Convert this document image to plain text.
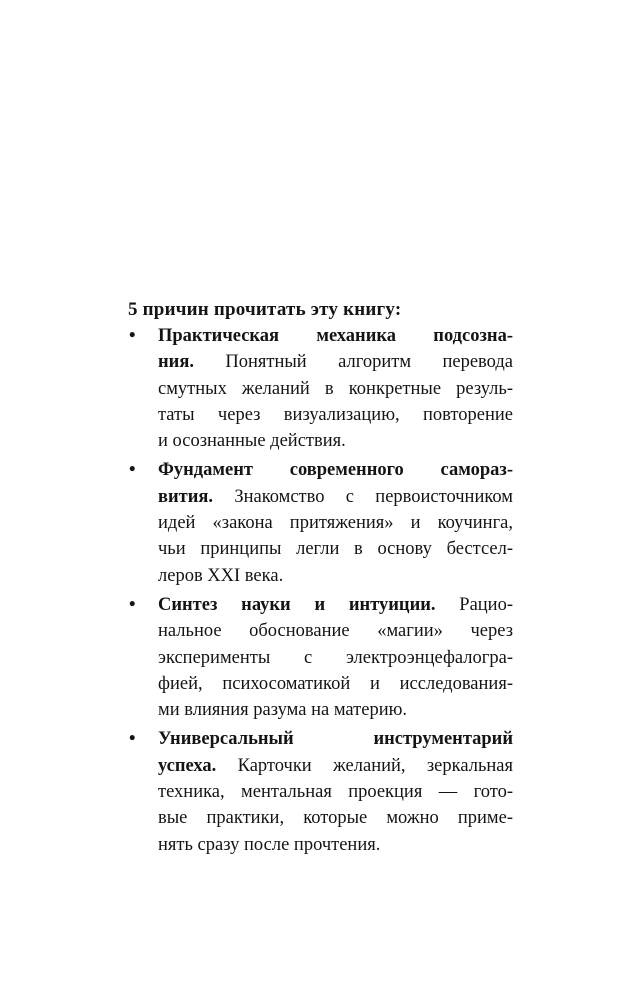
5 причин прочитать эту книгу:
• Практическая механика подсозна-
ния. Понятный алгоритм перевода
смутных желаний в конкретные резуль-
таты через визуализацию, повторение
и осознанные действия.
• Фундамент современного самораз-
вития. Знакомство с первоисточником
идей «закона притяжения» и коучинга,
чьи принципы легли в основу бестсел-
леров XXI века.
• Синтез науки и интуиции. Рацио-
нальное обоснование «магии» через
эксперименты с электроэнцефалогра-
фией, психосоматикой и исследования-
ми влияния разума на материю.
• Универсальный инструментарий
успеха. Карточки желаний, зеркальная
техника, ментальная проекция — гото-
вые практики, которые можно приме-
нять сразу после прочтения.
